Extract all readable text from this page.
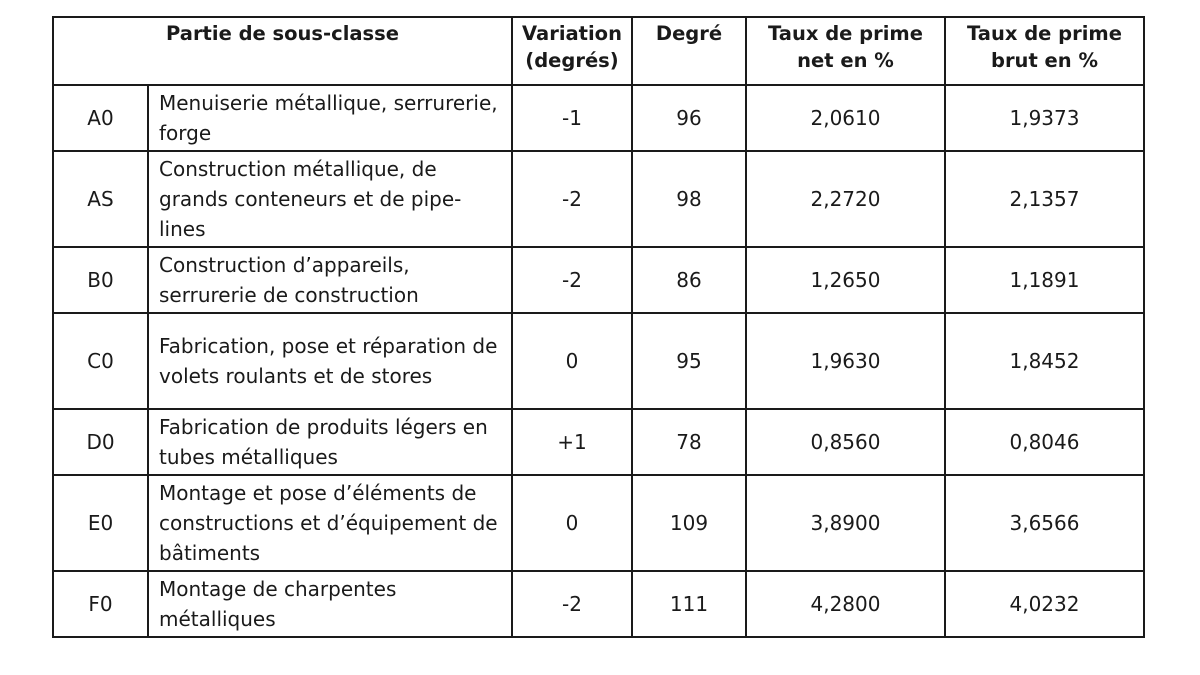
Partie de sous-classe		Variation (degrés)	Degré	Taux de prime net en %	Taux de prime brut en %
A0	Menuiserie métallique, serrurerie, forge	-1	96	2,0610	1,9373
AS	Construction métallique, de grands conteneurs et de pipe-lines	-2	98	2,2720	2,1357
B0	Construction d’appareils, serrurerie de construction	-2	86	1,2650	1,1891
C0	Fabrication, pose et réparation de volets roulants et de stores	0	95	1,9630	1,8452
D0	Fabrication de produits légers en tubes métalliques	+1	78	0,8560	0,8046
E0	Montage et pose d’éléments de constructions et d’équipement de bâtiments	0	109	3,8900	3,6566
F0	Montage de charpentes métalliques	-2	111	4,2800	4,0232
